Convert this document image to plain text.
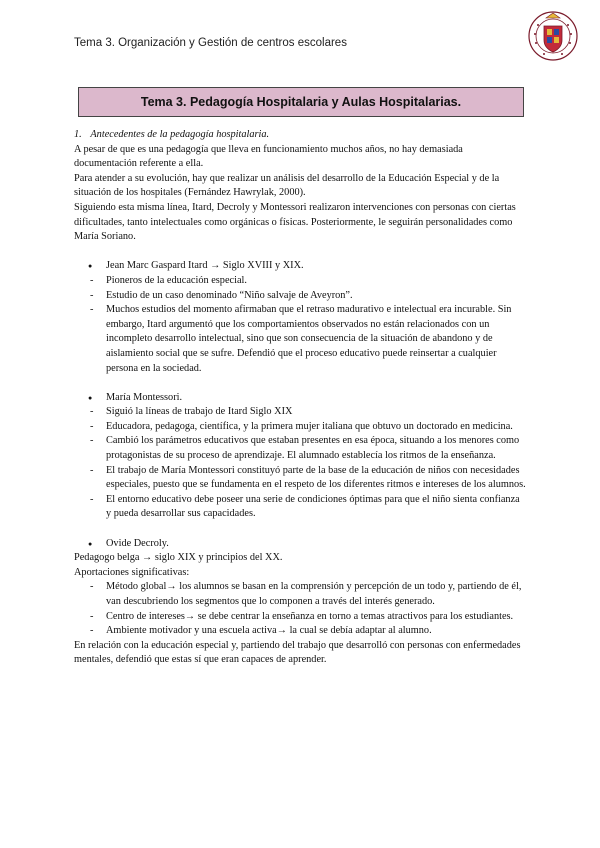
Tema 3. Organización y Gestión de centros escolares
Tema 3. Pedagogía Hospitalaria y Aulas Hospitalarias.

1. Antecedentes de la pedagogía hospitalaria.

A pesar de que es una pedagogía que lleva en funcionamiento muchos años, no hay demasiada documentación referente a ella.

Para atender a su evolución, hay que realizar un análisis del desarrollo de la Educación Especial y de la situación de los hospitales (Fernández Hawrylak, 2000).

Siguiendo esta misma línea, Itard, Decroly y Montessori realizaron intervenciones con personas con ciertas dificultades, tanto intelectuales como orgánicas o físicas. Posteriormente, le seguirán personalidades como María Soriano.

● Jean Marc Gaspard Itard → Siglo XVIII y XIX.
- Pioneros de la educación especial.
- Estudio de un caso denominado “Niño salvaje de Aveyron”.
- Muchos estudios del momento afirmaban que el retraso madurativo e intelectual era incurable. Sin embargo, Itard argumentó que los comportamientos observados no están relacionados con un incompleto desarrollo intelectual, sino que son consecuencia de la situación de abandono y de aislamiento social que se sufre. Defendió que el proceso educativo puede reinsertar a cualquier persona en la sociedad.
● María Montessori.
- Siguió la líneas de trabajo de Itard Siglo XIX
- Educadora, pedagoga, científica, y la primera mujer italiana que obtuvo un doctorado en medicina.
- Cambió los parámetros educativos que estaban presentes en esa época, situando a los menores como protagonistas de su proceso de aprendizaje. El alumnado establecía los ritmos de la enseñanza.
- El trabajo de María Montessori constituyó parte de la base de la educación de niños con necesidades especiales, puesto que se fundamenta en el respeto de los diferentes ritmos e intereses de los alumnos.
- El entorno educativo debe poseer una serie de condiciones óptimas para que el niño sienta confianza y pueda desarrollar sus capacidades.
● Ovide Decroly.

Pedagogo belga → siglo XIX y principios del XX.

Aportaciones significativas:

- Método global→ los alumnos se basan en la comprensión y percepción de un todo y, partiendo de él, van descubriendo los segmentos que lo componen a través del interés generado.
- Centro de intereses→ se debe centrar la enseñanza en torno a temas atractivos para los estudiantes.
- Ambiente motivador y una escuela activa→ la cual se debía adaptar al alumno.

En relación con la educación especial y, partiendo del trabajo que desarrolló con personas con enfermedades mentales, defendió que estas sí que eran capaces de aprender.
